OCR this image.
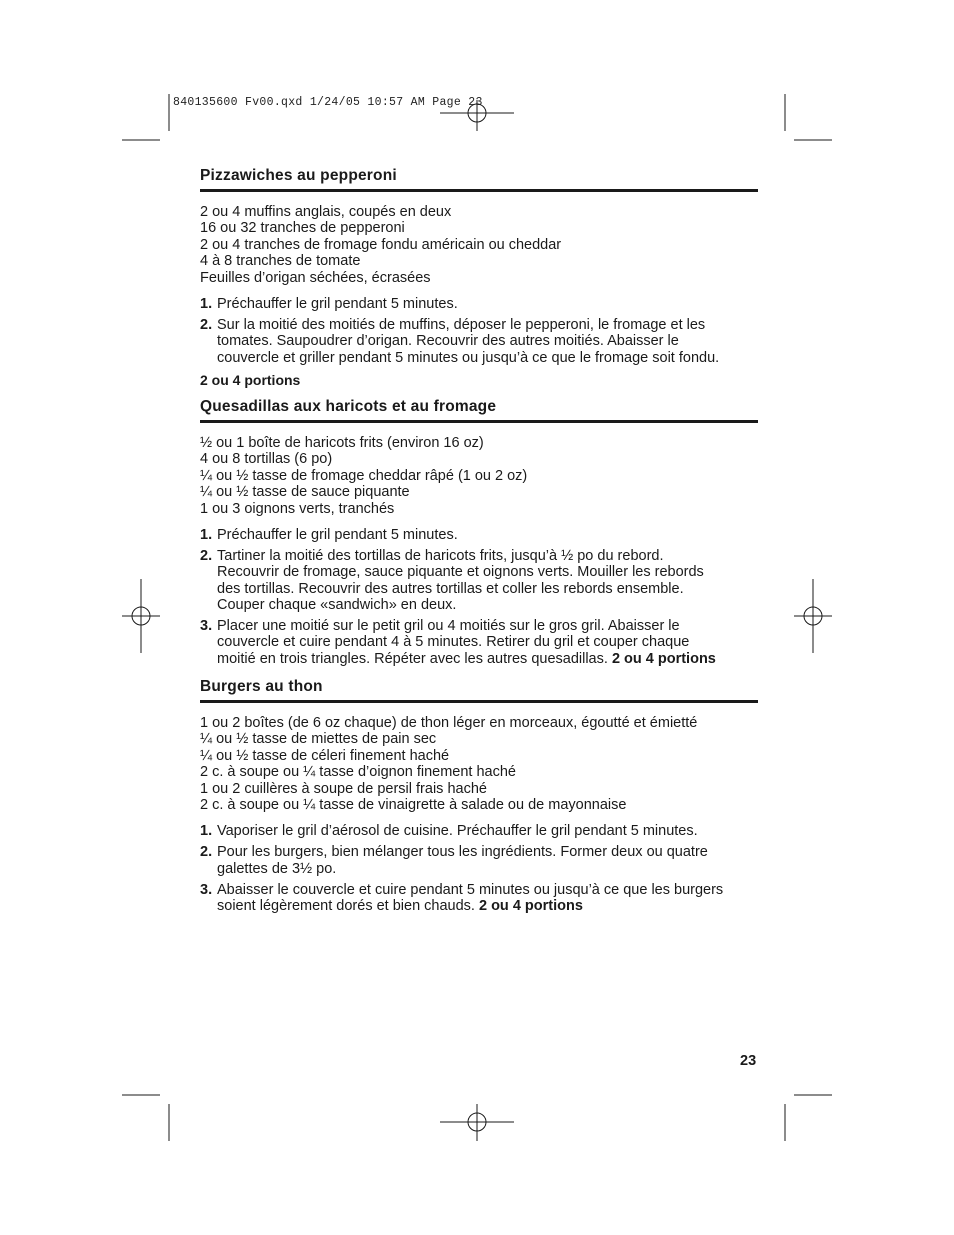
840135600 Fv00.qxd 1/24/05 10:57 AM Page 23
Pizzawiches au pepperoni
2 ou 4 muffins anglais, coupés en deux
16 ou 32 tranches de pepperoni
2 ou 4 tranches de fromage fondu américain ou cheddar
4 à 8 tranches de tomate
Feuilles d’origan séchées, écrasées
1. Préchauffer le gril pendant 5 minutes.
2. Sur la moitié des moitiés de muffins, déposer le pepperoni, le fromage et les
tomates. Saupoudrer d’origan. Recouvrir des autres moitiés. Abaisser le
couvercle et griller pendant 5 minutes ou jusqu’à ce que le fromage soit fondu.
2 ou 4 portions
Quesadillas aux haricots et au fromage
½ ou 1 boîte de haricots frits (environ 16 oz)
4 ou 8 tortillas (6 po)
¼ ou ½ tasse de fromage cheddar râpé (1 ou 2 oz)
¼ ou ½ tasse de sauce piquante
1 ou 3 oignons verts, tranchés
1. Préchauffer le gril pendant 5 minutes.
2. Tartiner la moitié des tortillas de haricots frits, jusqu’à ½ po du rebord.
Recouvrir de fromage, sauce piquante et oignons verts. Mouiller les rebords
des tortillas. Recouvrir des autres tortillas et coller les rebords ensemble.
Couper chaque «sandwich» en deux.
3. Placer une moitié sur le petit gril ou 4 moitiés sur le gros gril. Abaisser le
couvercle et cuire pendant 4 à 5 minutes. Retirer du gril et couper chaque
moitié en trois triangles. Répéter avec les autres quesadillas. 2 ou 4 portions
Burgers au thon
1 ou 2 boîtes (de 6 oz chaque) de thon léger en morceaux, égoutté et émietté
¼ ou ½ tasse de miettes de pain sec
¼ ou ½ tasse de céleri finement haché
2 c. à soupe ou ¼ tasse d’oignon finement haché
1 ou 2 cuillères à soupe de persil frais haché
2 c. à soupe ou ¼ tasse de vinaigrette à salade ou de mayonnaise
1. Vaporiser le gril d’aérosol de cuisine. Préchauffer le gril pendant 5 minutes.
2. Pour les burgers, bien mélanger tous les ingrédients. Former deux ou quatre
galettes de 3½ po.
3. Abaisser le couvercle et cuire pendant 5 minutes ou jusqu’à ce que les burgers
soient légèrement dorés et bien chauds. 2 ou 4 portions
23
